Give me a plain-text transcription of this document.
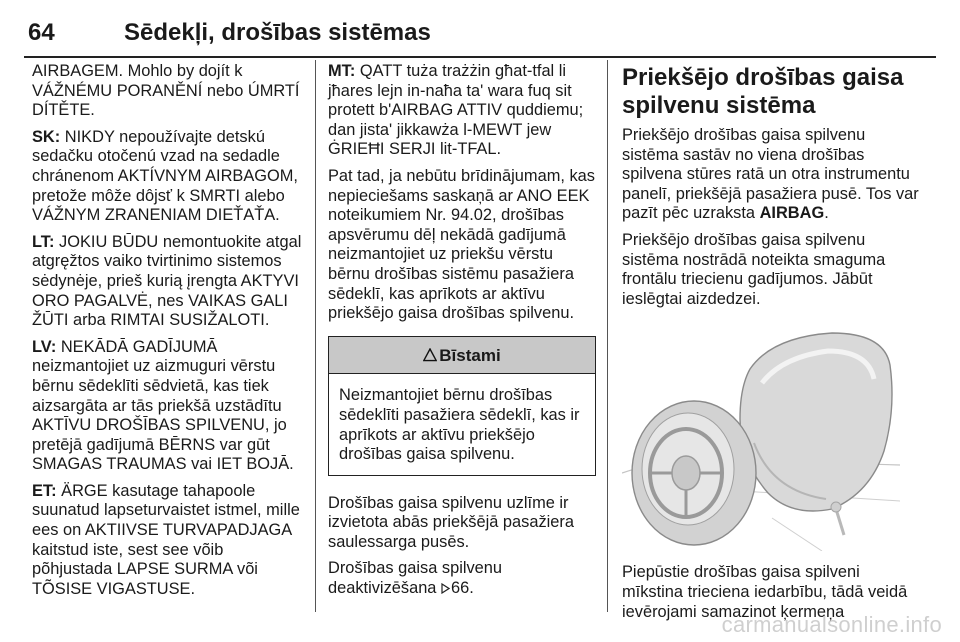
64	Sēdekļi, drošības sistēmas

AIRBAGEM. Mohlo by dojít k VÁŽNÉMU PORANĚNÍ nebo ÚMRTÍ DÍTĚTE.

SK: NIKDY nepoužívajte detskú sedačku otočenú vzad na sedadle chránenom AKTÍVNYM AIRBAGOM, pretože môže dôjsť k SMRTI alebo VÁŽNYM ZRANENIAM DIEŤAŤA.

LT: JOKIU BŪDU nemontuokite atgal atgręžtos vaiko tvirtinimo sistemos sėdynėje, prieš kurią įrengta AKTYVI ORO PAGALVĖ, nes VAIKAS GALI ŽŪTI arba RIMTAI SUSIŽALOTI.

LV: NEKĀDĀ GADĪJUMĀ neizmantojiet uz aizmuguri vērstu bērnu sēdeklīti sēdvietā, kas tiek aizsargāta ar tās priekšā uzstādītu AKTĪVU DROŠĪBAS SPILVENU, jo pretējā gadījumā BĒRNS var gūt SMAGAS TRAUMAS vai IET BOJĀ.

ET: ÄRGE kasutage tahapoole suunatud lapseturvaistet istmel, mille ees on AKTIIVSE TURVAPADJAGA kaitstud iste, sest see võib põhjustada LAPSE SURMA või TÕSISE VIGASTUSE.

MT: QATT tuża trażżin għat-tfal li jħares lejn in-naħa ta' wara fuq sit protett b'AIRBAG ATTIV quddiemu; dan jista' jikkawża l-MEWT jew ĠRIEĦI SERJI lit-TFAL.

Pat tad, ja nebūtu brīdinājumam, kas nepieciešams saskaņā ar ANO EEK noteikumiem Nr. 94.02, drošības apsvērumu dēļ nekādā gadījumā neizmantojiet uz priekšu vērstu bērnu drošības sistēmu pasažiera sēdeklī, kas aprīkots ar aktīvu priekšējo gaisa drošības spilvenu.

Bīstami

Neizmantojiet bērnu drošības sēdeklīti pasažiera sēdeklī, kas ir aprīkots ar aktīvu priekšējo drošības gaisa spilvenu.

Drošības gaisa spilvenu uzlīme ir izvietota abās priekšējā pasažiera saulessarga pusēs.

Drošības gaisa spilvenu deaktivizēšana 66.

Priekšējo drošības gaisa spilvenu sistēma

Priekšējo drošības gaisa spilvenu sistēma sastāv no viena drošības spilvena stūres ratā un otra instrumentu panelī, priekšējā pasažiera pusē. Tos var pazīt pēc uzraksta AIRBAG.

Priekšējo drošības gaisa spilvenu sistēma nostrādā noteikta smaguma frontālu triecienu gadījumos. Jābūt ieslēgtai aizdedzei.

Piepūstie drošības gaisa spilveni mīkstina trieciena iedarbību, tādā veidā ievērojami samazinot ķermeņa

carmanualsonline.info
